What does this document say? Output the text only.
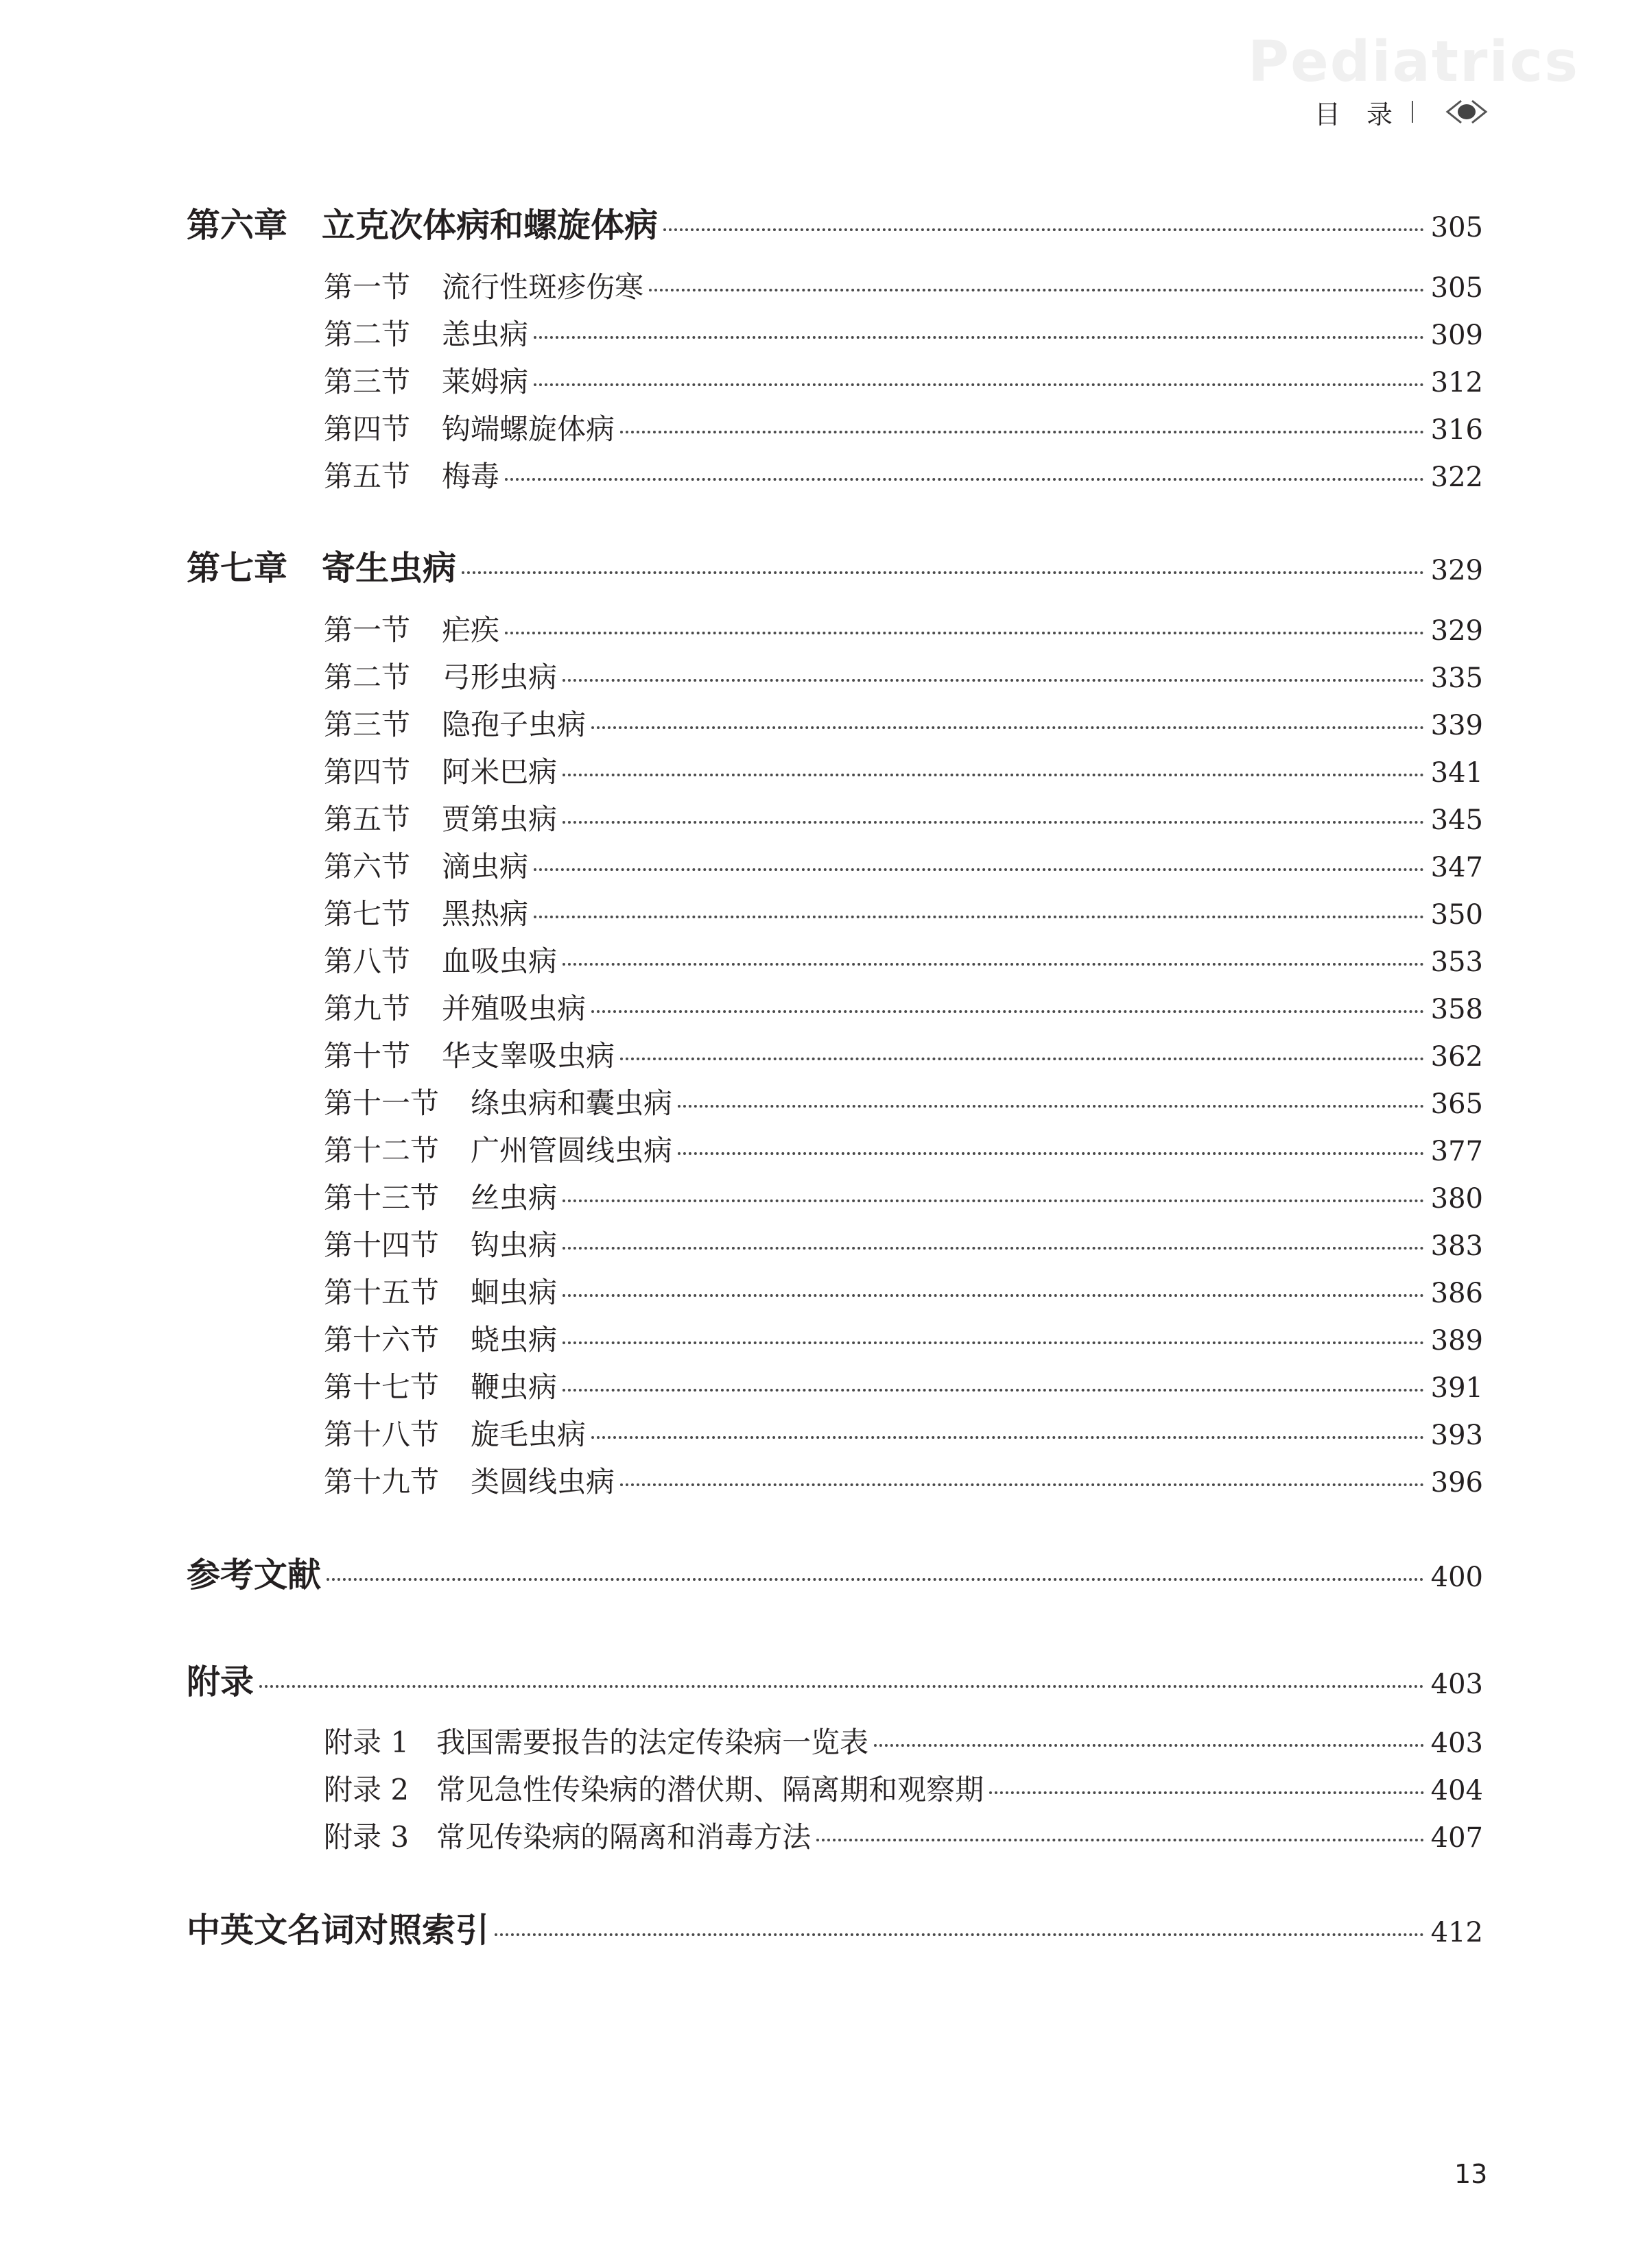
Pediatrics
目　录
第六章 立克次体病和螺旋体病	305
第一节 流行性斑疹伤寒	305
第二节 恙虫病	309
第三节 莱姆病	312
第四节 钩端螺旋体病	316
第五节 梅毒	322
第七章 寄生虫病	329
第一节 疟疾	329
第二节 弓形虫病	335
第三节 隐孢子虫病	339
第四节 阿米巴病	341
第五节 贾第虫病	345
第六节 滴虫病	347
第七节 黑热病	350
第八节 血吸虫病	353
第九节 并殖吸虫病	358
第十节 华支睾吸虫病	362
第十一节 绦虫病和囊虫病	365
第十二节 广州管圆线虫病	377
第十三节 丝虫病	380
第十四节 钩虫病	383
第十五节 蛔虫病	386
第十六节 蛲虫病	389
第十七节 鞭虫病	391
第十八节 旋毛虫病	393
第十九节 类圆线虫病	396
参考文献	400
附录	403
附录 1 我国需要报告的法定传染病一览表	403
附录 2 常见急性传染病的潜伏期、隔离期和观察期	404
附录 3 常见传染病的隔离和消毒方法	407
中英文名词对照索引	412
13
